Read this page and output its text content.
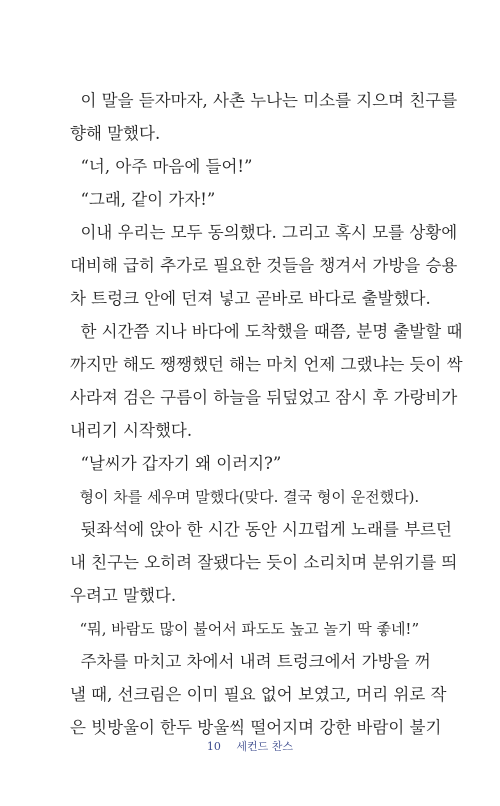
이 말을 듣자마자, 사촌 누나는 미소를 지으며 친구를
향해 말했다.
“너, 아주 마음에 들어!”
“그래, 같이 가자!”
이내 우리는 모두 동의했다. 그리고 혹시 모를 상황에
대비해 급히 추가로 필요한 것들을 챙겨서 가방을 승용
차 트렁크 안에 던져 넣고 곧바로 바다로 출발했다.
한 시간쯤 지나 바다에 도착했을 때쯤, 분명 출발할 때
까지만 해도 쨍쨍했던 해는 마치 언제 그랬냐는 듯이 싹
사라져 검은 구름이 하늘을 뒤덮었고 잠시 후 가랑비가
내리기 시작했다.
“날씨가 갑자기 왜 이러지?”
형이 차를 세우며 말했다(맞다. 결국 형이 운전했다).
뒷좌석에 앉아 한 시간 동안 시끄럽게 노래를 부르던
내 친구는 오히려 잘됐다는 듯이 소리치며 분위기를 띄
우려고 말했다.
“뭐, 바람도 많이 불어서 파도도 높고 놀기 딱 좋네!”
주차를 마치고 차에서 내려 트렁크에서 가방을 꺼
낼 때, 선크림은 이미 필요 없어 보였고, 머리 위로 작
은 빗방울이 한두 방울씩 떨어지며 강한 바람이 불기
10 세컨드 찬스
